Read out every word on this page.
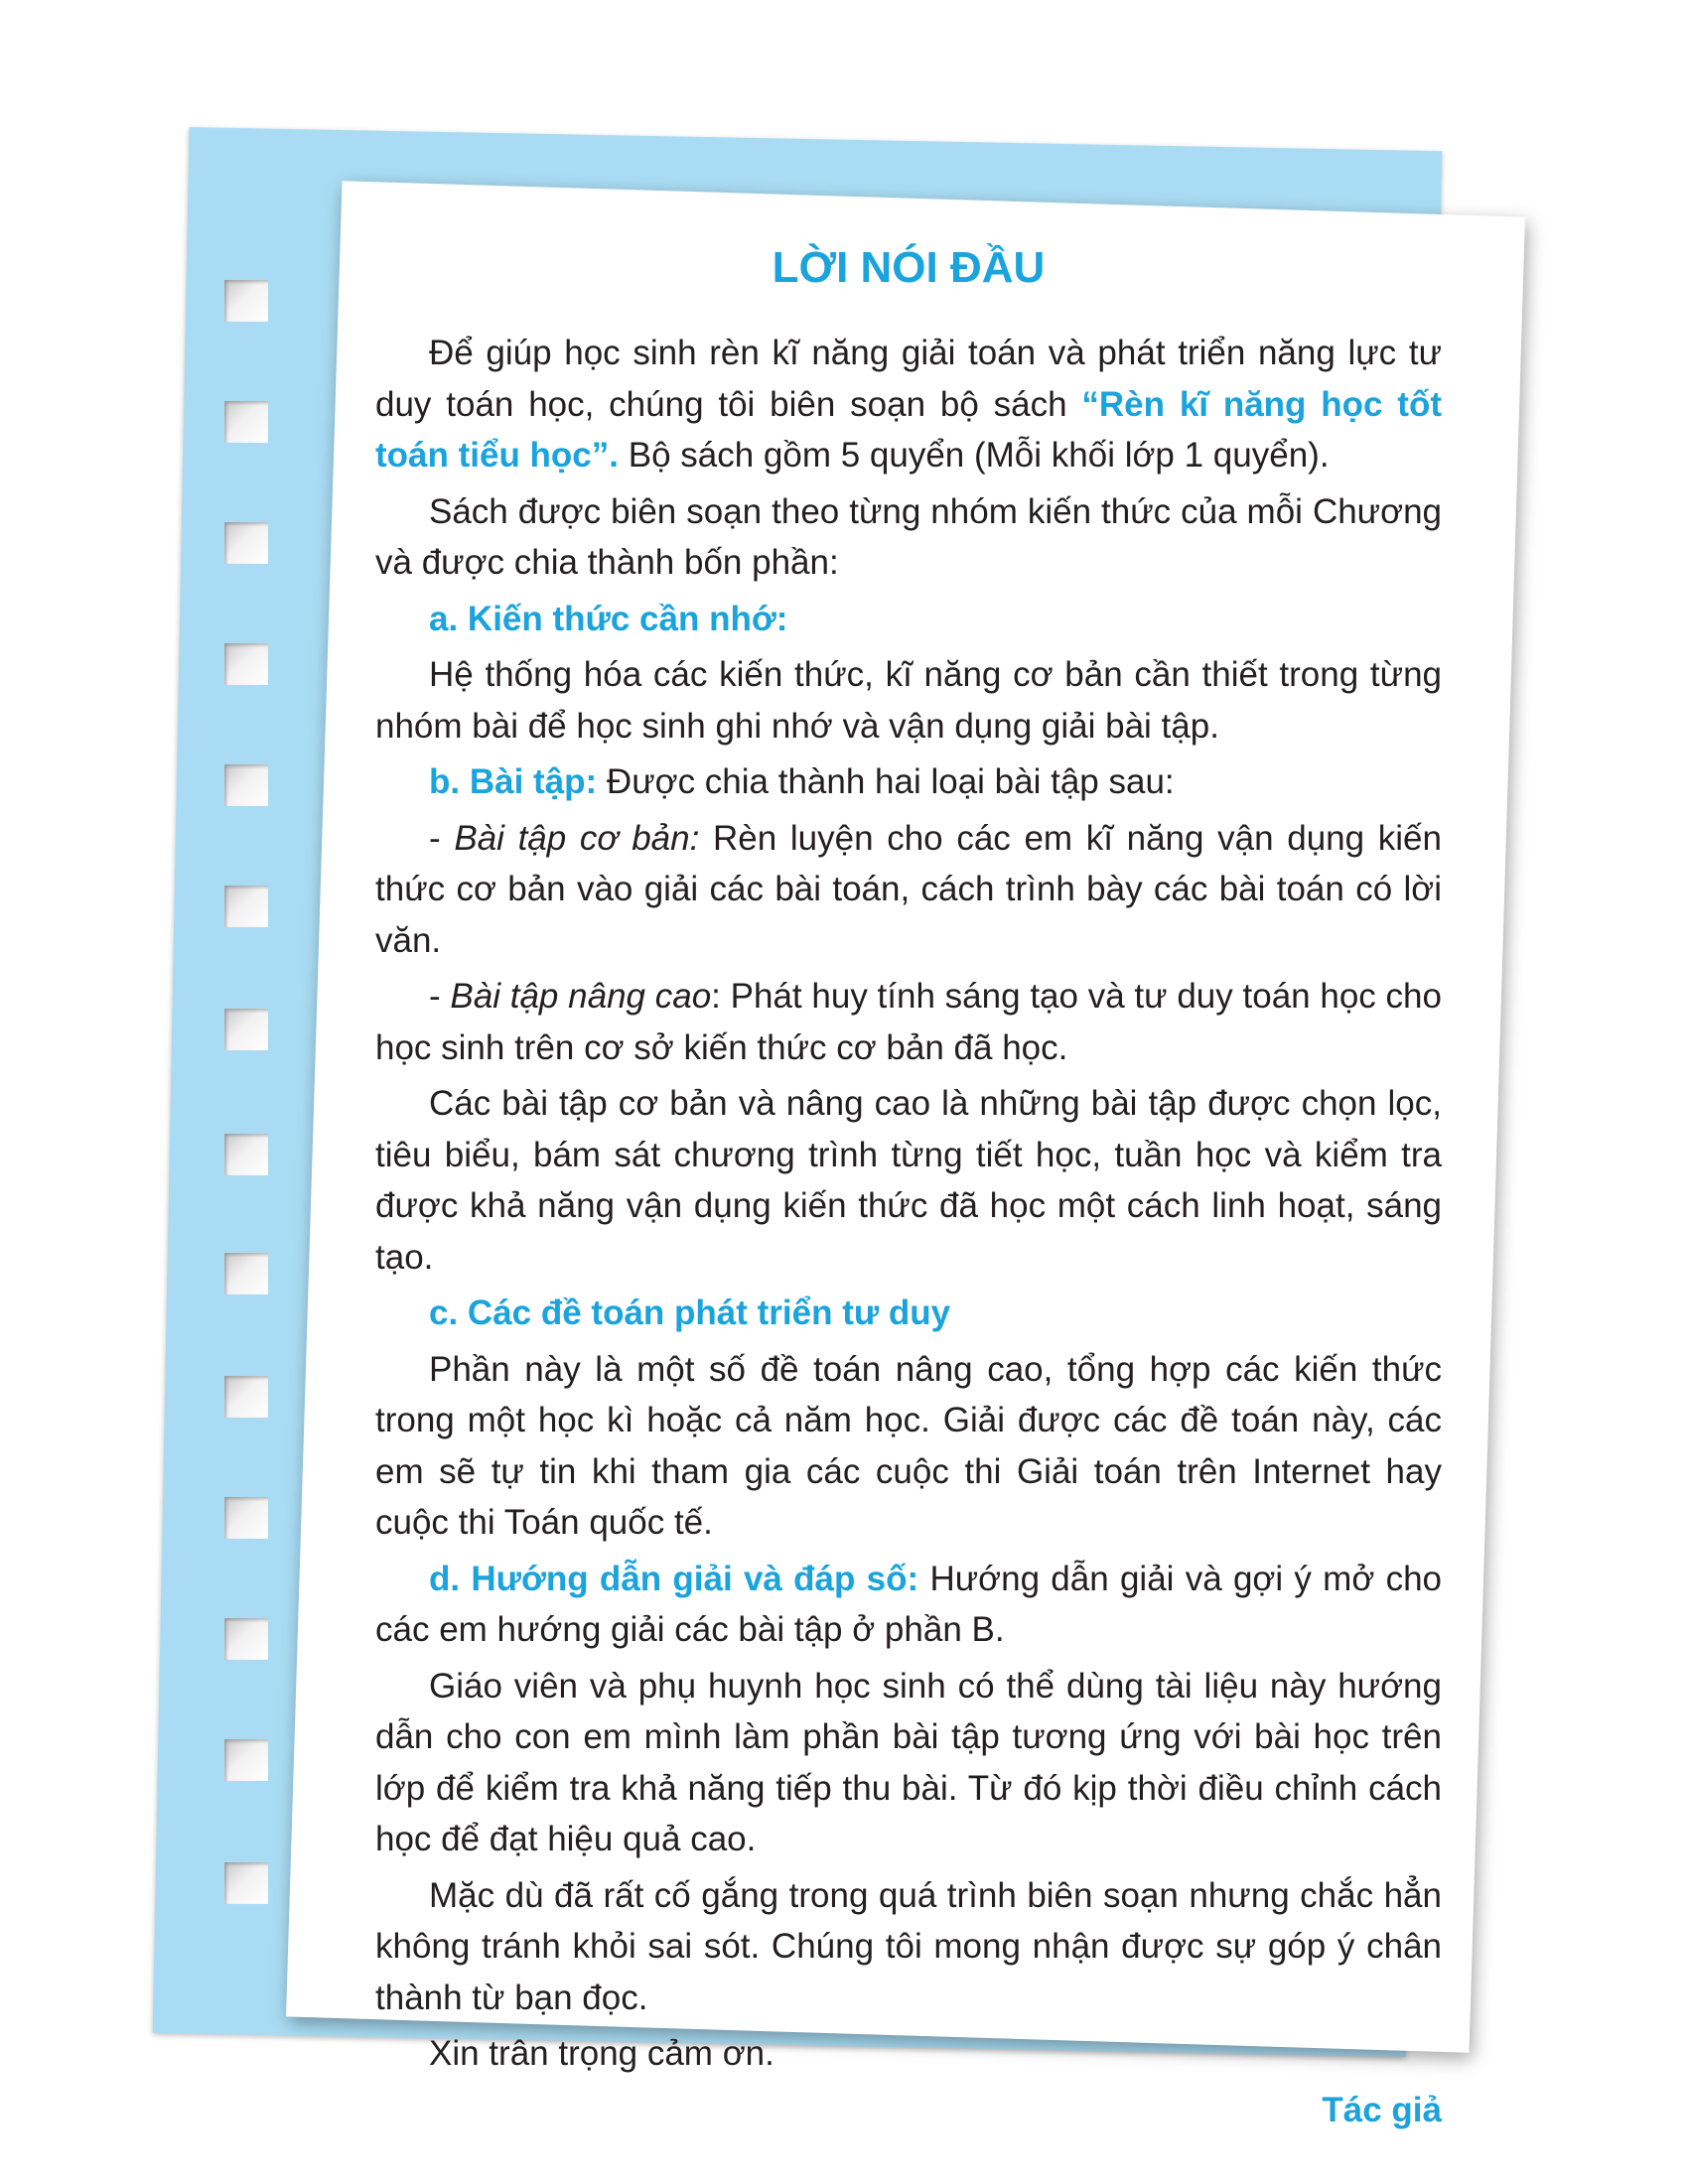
LỜI NÓI ĐẦU

Để giúp học sinh rèn kĩ năng giải toán và phát triển năng lực tư duy toán học, chúng tôi biên soạn bộ sách “Rèn kĩ năng học tốt toán tiểu học”. Bộ sách gồm 5 quyển (Mỗi khối lớp 1 quyển).

Sách được biên soạn theo từng nhóm kiến thức của mỗi Chương và được chia thành bốn phần:

a. Kiến thức cần nhớ:

Hệ thống hóa các kiến thức, kĩ năng cơ bản cần thiết trong từng nhóm bài để học sinh ghi nhớ và vận dụng giải bài tập.

b. Bài tập: Được chia thành hai loại bài tập sau:

- Bài tập cơ bản: Rèn luyện cho các em kĩ năng vận dụng kiến thức cơ bản vào giải các bài toán, cách trình bày các bài toán có lời văn.

- Bài tập nâng cao: Phát huy tính sáng tạo và tư duy toán học cho học sinh trên cơ sở kiến thức cơ bản đã học.

Các bài tập cơ bản và nâng cao là những bài tập được chọn lọc, tiêu biểu, bám sát chương trình từng tiết học, tuần học và kiểm tra được khả năng vận dụng kiến thức đã học một cách linh hoạt, sáng tạo.

c. Các đề toán phát triển tư duy

Phần này là một số đề toán nâng cao, tổng hợp các kiến thức trong một học kì hoặc cả năm học. Giải được các đề toán này, các em sẽ tự tin khi tham gia các cuộc thi Giải toán trên Internet hay cuộc thi Toán quốc tế.

d. Hướng dẫn giải và đáp số: Hướng dẫn giải và gợi ý mở cho các em hướng giải các bài tập ở phần B.

Giáo viên và phụ huynh học sinh có thể dùng tài liệu này hướng dẫn cho con em mình làm phần bài tập tương ứng với bài học trên lớp để kiểm tra khả năng tiếp thu bài. Từ đó kịp thời điều chỉnh cách học để đạt hiệu quả cao.

Mặc dù đã rất cố gắng trong quá trình biên soạn nhưng chắc hẳn không tránh khỏi sai sót. Chúng tôi mong nhận được sự góp ý chân thành từ bạn đọc.

Xin trân trọng cảm ơn.

Tác giả
